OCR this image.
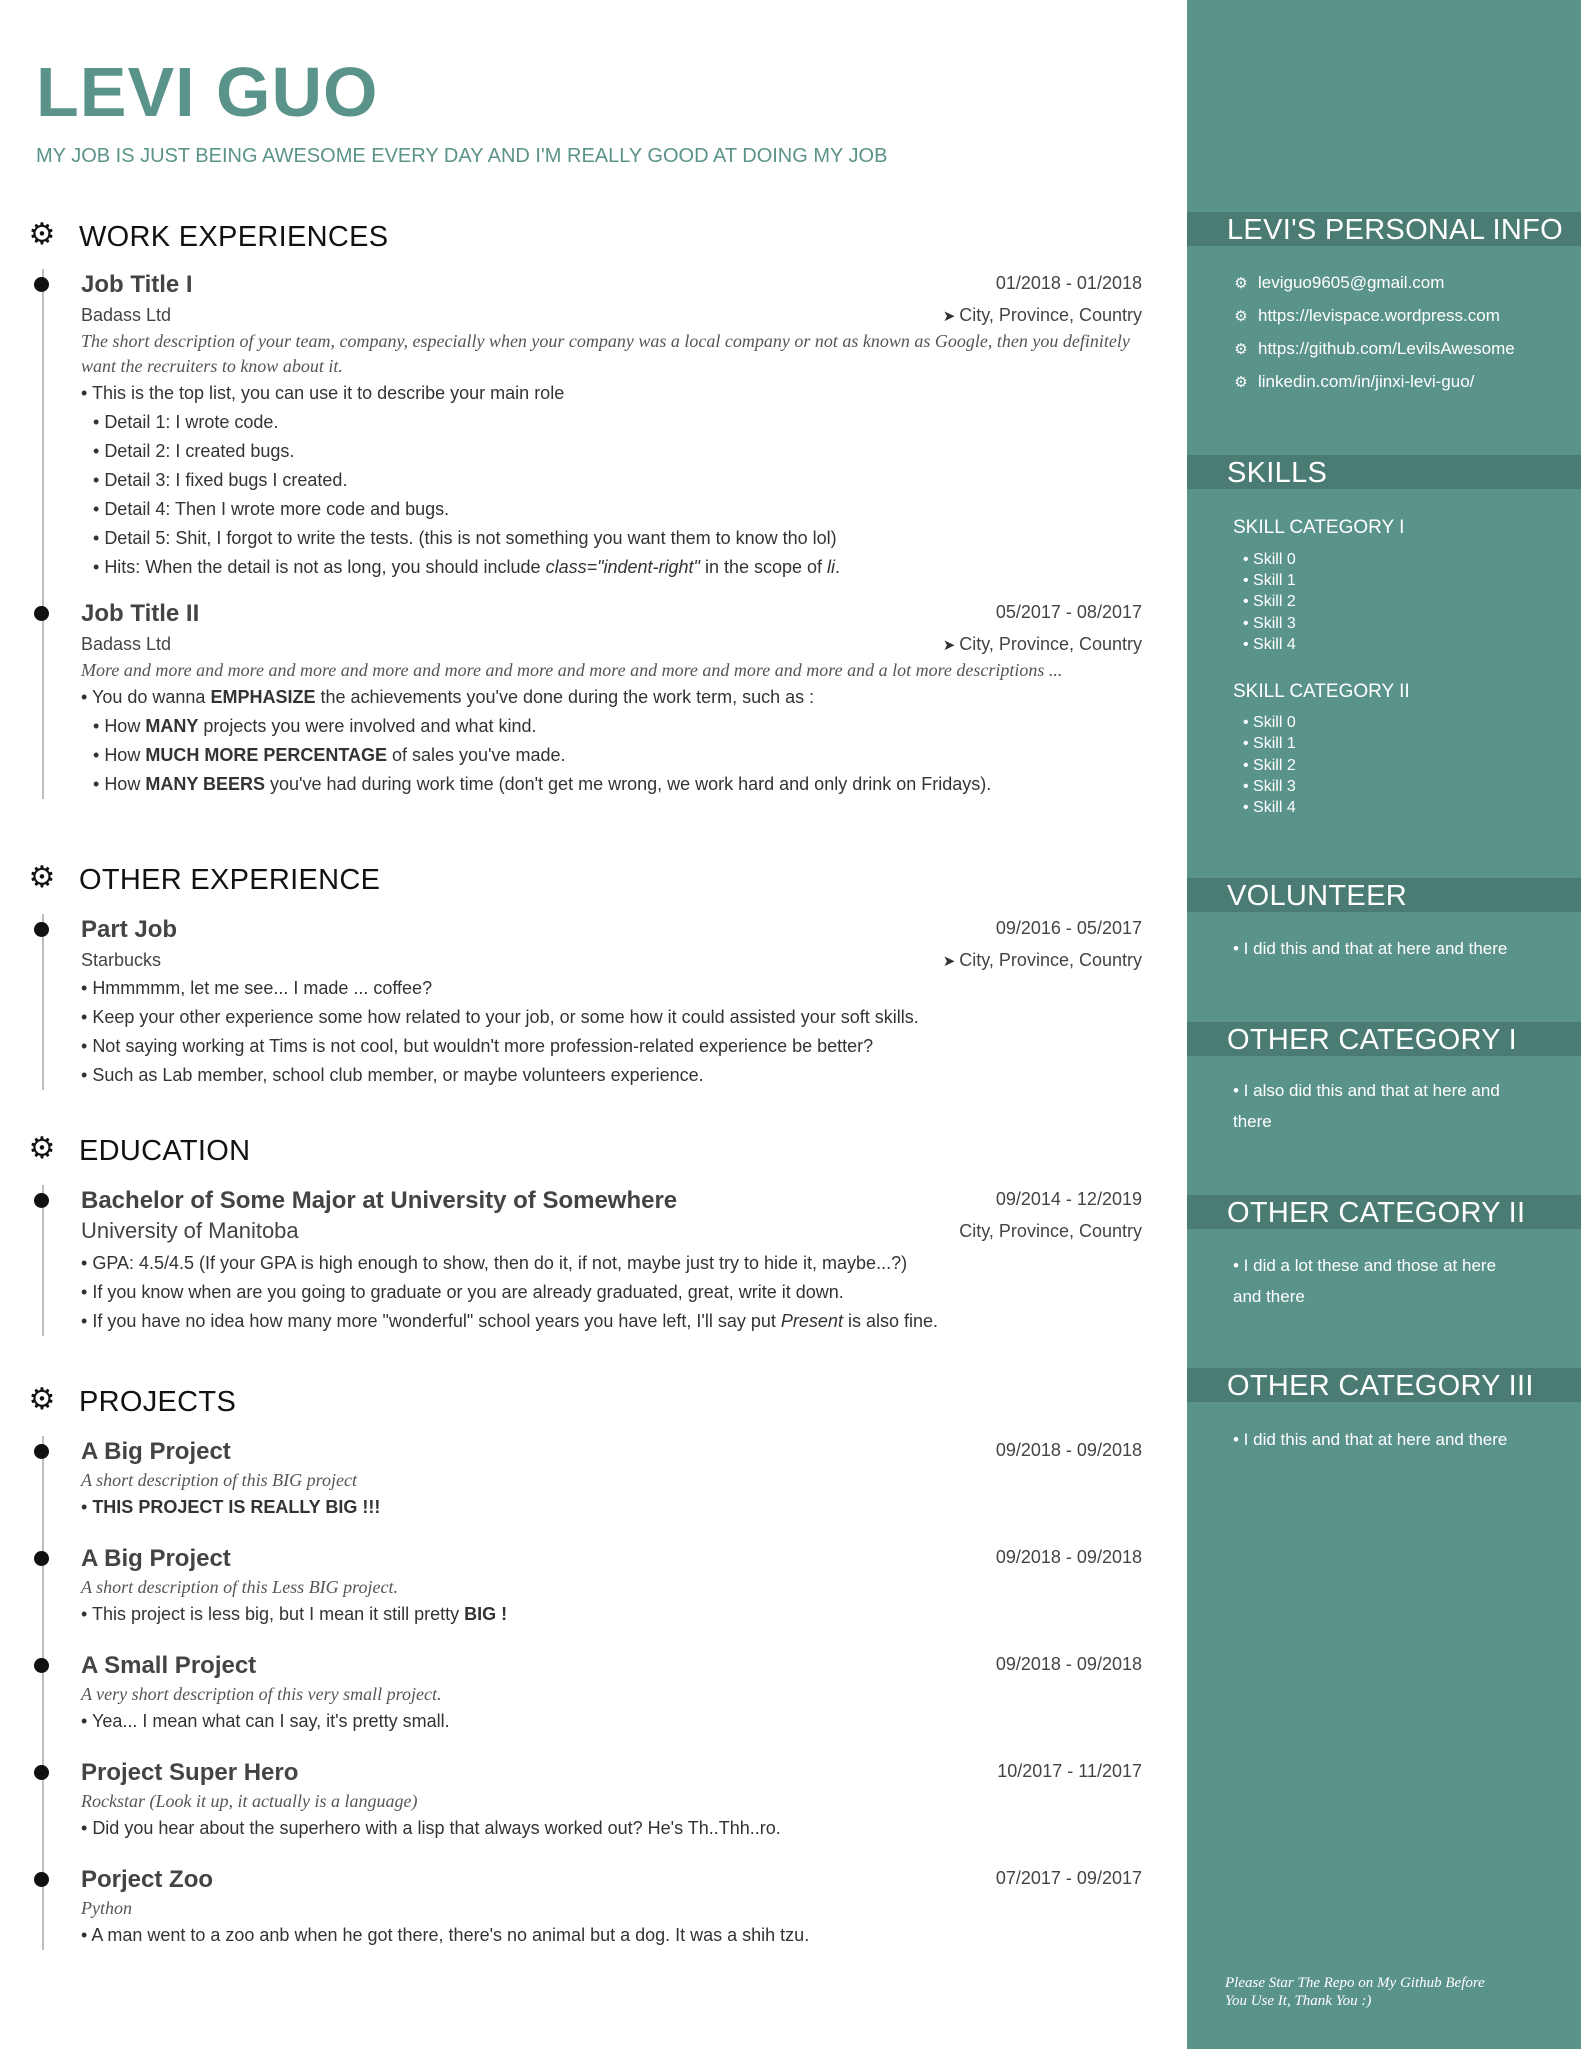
LEVI GUO
MY JOB IS JUST BEING AWESOME EVERY DAY AND I'M REALLY GOOD AT DOING MY JOB
⚙ WORK EXPERIENCES
Job Title I	01/2018 - 01/2018
Badass Ltd	➤ City, Province, Country
The short description of your team, company, especially when your company was a local company or not as known as Google, then you definitely want the recruiters to know about it.
• This is the top list, you can use it to describe your main role
• Detail 1: I wrote code.
• Detail 2: I created bugs.
• Detail 3: I fixed bugs I created.
• Detail 4: Then I wrote more code and bugs.
• Detail 5: Shit, I forgot to write the tests. (this is not something you want them to know tho lol)
• Hits: When the detail is not as long, you should include class="indent-right" in the scope of li.
Job Title II	05/2017 - 08/2017
Badass Ltd	➤ City, Province, Country
More and more and more and more and more and more and more and more and more and more and more and a lot more descriptions ...
• You do wanna EMPHASIZE the achievements you've done during the work term, such as :
• How MANY projects you were involved and what kind.
• How MUCH MORE PERCENTAGE of sales you've made.
• How MANY BEERS you've had during work time (don't get me wrong, we work hard and only drink on Fridays).
⚙ OTHER EXPERIENCE
Part Job	09/2016 - 05/2017
Starbucks	➤ City, Province, Country
• Hmmmmm, let me see... I made ... coffee?
• Keep your other experience some how related to your job, or some how it could assisted your soft skills.
• Not saying working at Tims is not cool, but wouldn't more profession-related experience be better?
• Such as Lab member, school club member, or maybe volunteers experience.
⚙ EDUCATION
Bachelor of Some Major at University of Somewhere	09/2014 - 12/2019
University of Manitoba	City, Province, Country
• GPA: 4.5/4.5 (If your GPA is high enough to show, then do it, if not, maybe just try to hide it, maybe...?)
• If you know when are you going to graduate or you are already graduated, great, write it down.
• If you have no idea how many more "wonderful" school years you have left, I'll say put Present is also fine.
⚙ PROJECTS
A Big Project	09/2018 - 09/2018
A short description of this BIG project
• THIS PROJECT IS REALLY BIG !!!
A Big Project	09/2018 - 09/2018
A short description of this Less BIG project.
• This project is less big, but I mean it still pretty BIG !
A Small Project	09/2018 - 09/2018
A very short description of this very small project.
• Yea... I mean what can I say, it's pretty small.
Project Super Hero	10/2017 - 11/2017
Rockstar (Look it up, it actually is a language)
• Did you hear about the superhero with a lisp that always worked out? He's Th..Thh..ro.
Porject Zoo	07/2017 - 09/2017
Python
• A man went to a zoo anb when he got there, there's no animal but a dog. It was a shih tzu.
LEVI'S PERSONAL INFO
⚙ leviguo9605@gmail.com
⚙ https://levispace.wordpress.com
⚙ https://github.com/LevilsAwesome
⚙ linkedin.com/in/jinxi-levi-guo/
SKILLS
SKILL CATEGORY I
• Skill 0
• Skill 1
• Skill 2
• Skill 3
• Skill 4
SKILL CATEGORY II
• Skill 0
• Skill 1
• Skill 2
• Skill 3
• Skill 4
VOLUNTEER
• I did this and that at here and there
OTHER CATEGORY I
• I also did this and that at here and
there
OTHER CATEGORY II
• I did a lot these and those at here
and there
OTHER CATEGORY III
• I did this and that at here and there
Please Star The Repo on My Github Before
You Use It, Thank You :)
